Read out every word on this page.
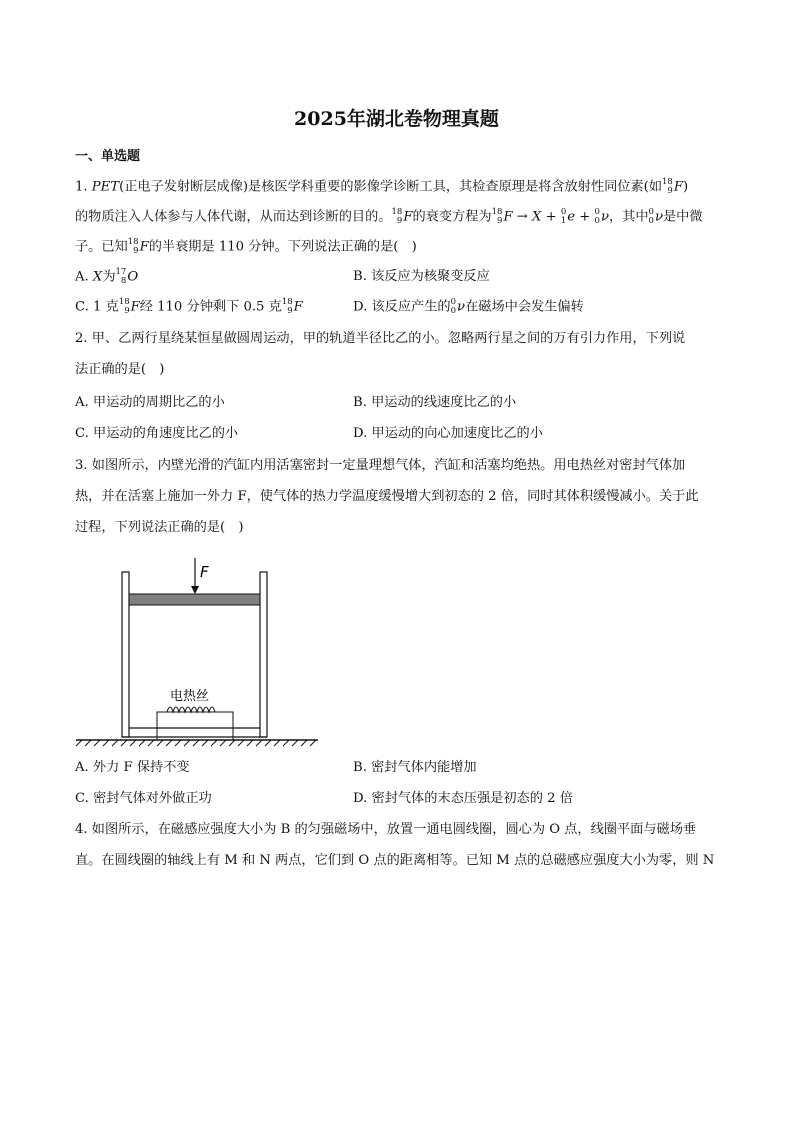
2025年湖北卷物理真题
一、单选题
1. PET(正电子发射断层成像)是核医学科重要的影像学诊断工具，其检查原理是将含放射性同位素(如 18
9 F)
的物质注入人体参与人体代谢，从而达到诊断的目的。 18
9 F的衰变方程为 18
9 F → X + 0
1 e + 0
0 ν，其中 0
0 ν是中微
子。已知 18
9 F的半衰期是 110 分钟。下列说法正确的是(　)
A. X为 17
8 O	B. 该反应为核聚变反应
C. 1 克 18
9 F经 110 分钟剩下 0.5 克 18
9 F	D. 该反应产生的 0
0 ν在磁场中会发生偏转
2. 甲、乙两行星绕某恒星做圆周运动，甲的轨道半径比乙的小。忽略两行星之间的万有引力作用，下列说
法正确的是(　)
A. 甲运动的周期比乙的小	B. 甲运动的线速度比乙的小
C. 甲运动的角速度比乙的小	D. 甲运动的向心加速度比乙的小
3. 如图所示，内壁光滑的汽缸内用活塞密封一定量理想气体，汽缸和活塞均绝热。用电热丝对密封气体加
热，并在活塞上施加一外力 F，使气体的热力学温度缓慢增大到初态的 2 倍，同时其体积缓慢减小。关于此
过程，下列说法正确的是(　)
F
电热丝
A. 外力 F 保持不变	B. 密封气体内能增加
C. 密封气体对外做正功	D. 密封气体的末态压强是初态的 2 倍
4. 如图所示，在磁感应强度大小为 B 的匀强磁场中，放置一通电圆线圈，圆心为 O 点，线圈平面与磁场垂
直。在圆线圈的轴线上有 M 和 N 两点，它们到 O 点的距离相等。已知 M 点的总磁感应强度大小为零，则 N
